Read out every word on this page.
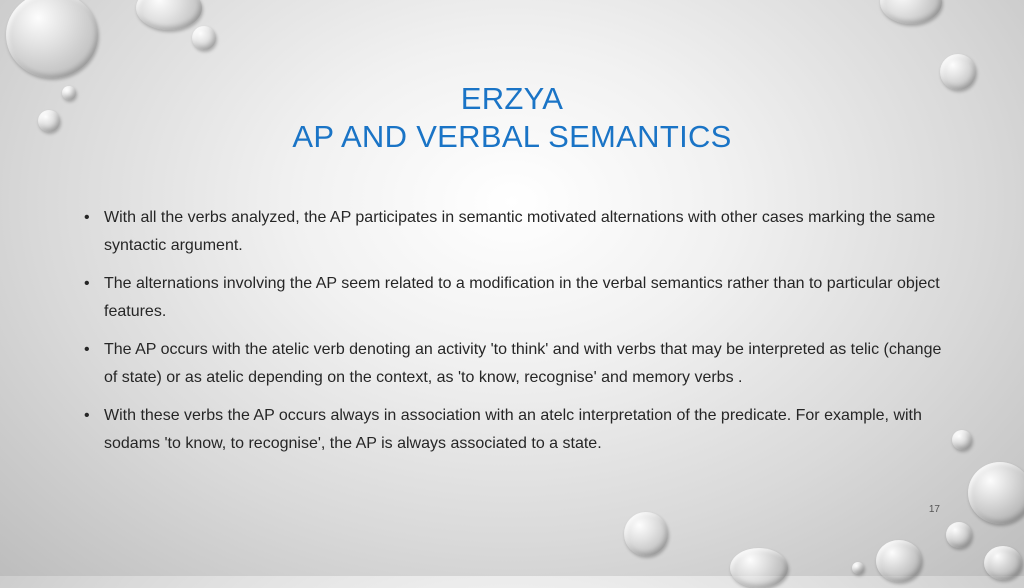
ERZYA
AP AND VERBAL SEMANTICS
• With all the verbs analyzed, the AP participates in semantic motivated alternations with other cases marking the same syntactic argument.
• The alternations involving the AP seem related to a modification in the verbal semantics rather than to particular object features.
• The AP occurs with the atelic verb denoting an activity 'to think' and with verbs that may be interpreted as telic (change of state) or as atelic depending on the context, as 'to know, recognise' and memory verbs .
• With these verbs the AP occurs always in association with an atelc interpretation of the predicate. For example, with sodams 'to know, to recognise', the AP is always associated to a state.
17
